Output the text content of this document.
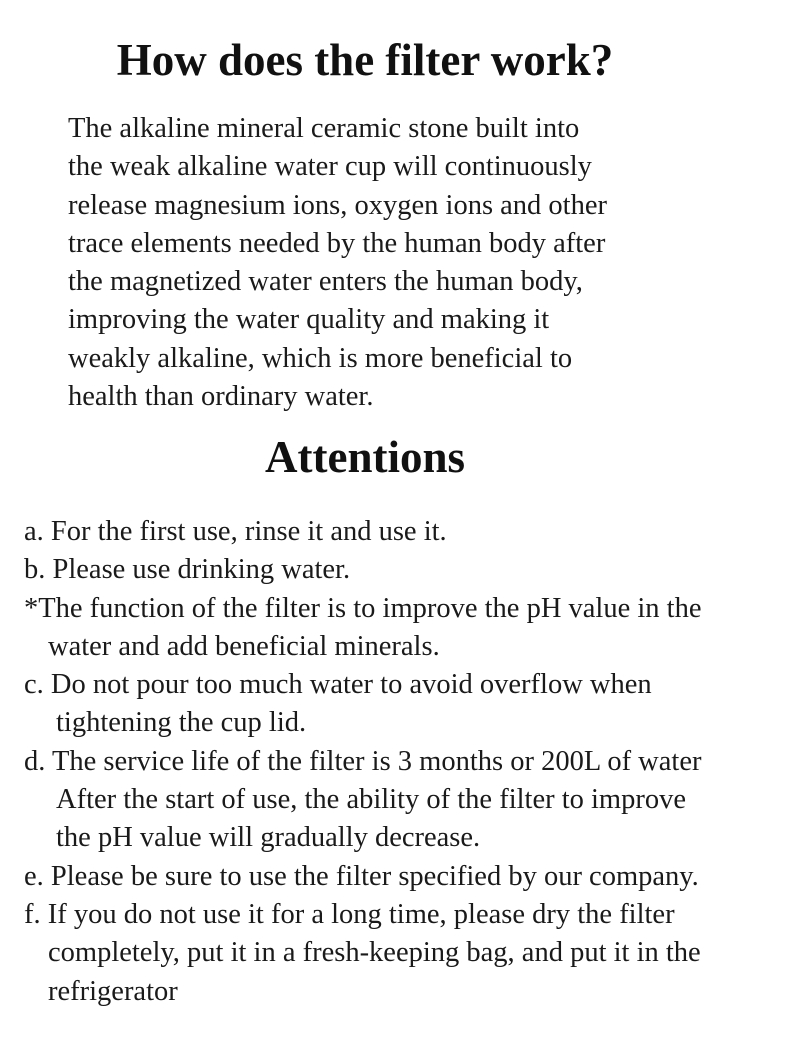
How does the filter work?

The alkaline mineral ceramic stone built into
the weak alkaline water cup will continuously
release magnesium ions, oxygen ions and other
trace elements needed by the human body after
the magnetized water enters the human body,
improving the water quality and making it
weakly alkaline, which is more beneficial to
health than ordinary water.

Attentions
a. For the first use, rinse it and use it.
b. Please use drinking water.
*The function of the filter is to improve the pH value in the
water and add beneficial minerals.
c. Do not pour too much water to avoid overflow when
tightening the cup lid.
d. The service life of the filter is 3 months or 200L of water
After the start of use, the ability of the filter to improve
the pH value will gradually decrease.
e. Please be sure to use the filter specified by our company.
f. If you do not use it for a long time, please dry the filter
completely, put it in a fresh-keeping bag, and put it in the
refrigerator
